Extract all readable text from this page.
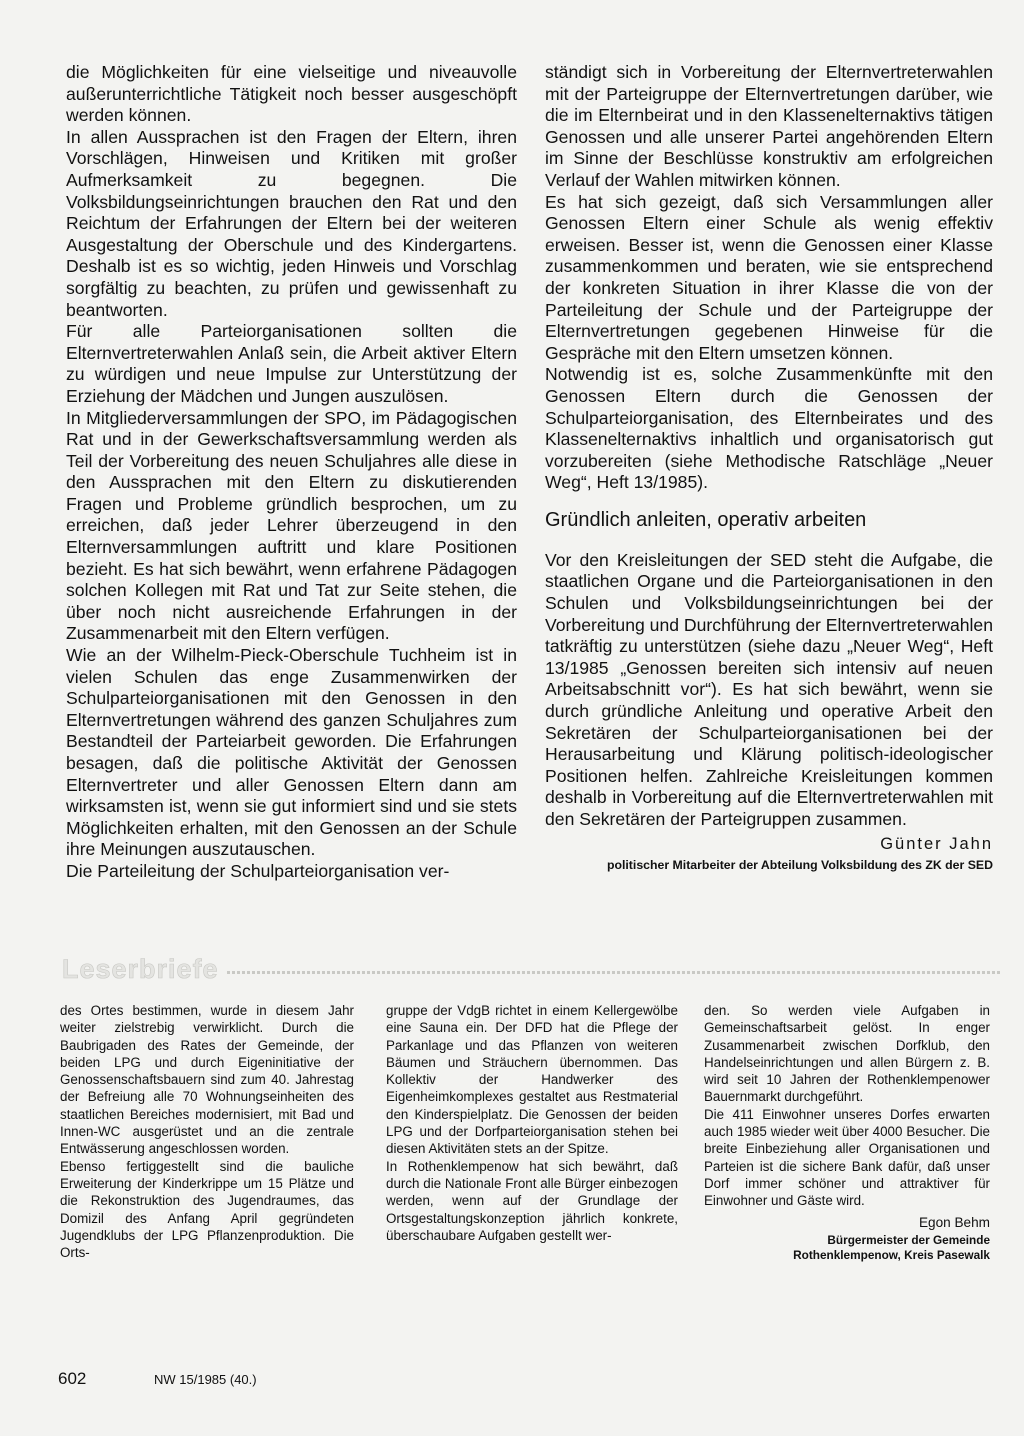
die Möglichkeiten für eine vielseitige und niveauvolle außerunterrichtliche Tätigkeit noch besser ausgeschöpft werden können.

In allen Aussprachen ist den Fragen der Eltern, ihren Vorschlägen, Hinweisen und Kritiken mit großer Aufmerksamkeit zu begegnen. Die Volksbildungseinrichtungen brauchen den Rat und den Reichtum der Erfahrungen der Eltern bei der weiteren Ausgestaltung der Oberschule und des Kindergartens. Deshalb ist es so wichtig, jeden Hinweis und Vorschlag sorgfältig zu beachten, zu prüfen und gewissenhaft zu beantworten.

Für alle Parteiorganisationen sollten die Elternvertreterwahlen Anlaß sein, die Arbeit aktiver Eltern zu würdigen und neue Impulse zur Unterstützung der Erziehung der Mädchen und Jungen auszulösen.

In Mitgliederversammlungen der SPO, im Pädagogischen Rat und in der Gewerkschaftsversammlung werden als Teil der Vorbereitung des neuen Schuljahres alle diese in den Aussprachen mit den Eltern zu diskutierenden Fragen und Probleme gründlich besprochen, um zu erreichen, daß jeder Lehrer überzeugend in den Elternversammlungen auftritt und klare Positionen bezieht. Es hat sich bewährt, wenn erfahrene Pädagogen solchen Kollegen mit Rat und Tat zur Seite stehen, die über noch nicht ausreichende Erfahrungen in der Zusammenarbeit mit den Eltern verfügen.

Wie an der Wilhelm-Pieck-Oberschule Tuchheim ist in vielen Schulen das enge Zusammenwirken der Schulparteiorganisationen mit den Genossen in den Elternvertretungen während des ganzen Schuljahres zum Bestandteil der Parteiarbeit geworden. Die Erfahrungen besagen, daß die politische Aktivität der Genossen Elternvertreter und aller Genossen Eltern dann am wirksamsten ist, wenn sie gut informiert sind und sie stets Möglichkeiten erhalten, mit den Genossen an der Schule ihre Meinungen auszutauschen.

Die Parteileitung der Schulparteiorganisation ver-

ständigt sich in Vorbereitung der Elternvertreterwahlen mit der Parteigruppe der Elternvertretungen darüber, wie die im Elternbeirat und in den Klassenelternaktivs tätigen Genossen und alle unserer Partei angehörenden Eltern im Sinne der Beschlüsse konstruktiv am erfolgreichen Verlauf der Wahlen mitwirken können.

Es hat sich gezeigt, daß sich Versammlungen aller Genossen Eltern einer Schule als wenig effektiv erweisen. Besser ist, wenn die Genossen einer Klasse zusammenkommen und beraten, wie sie entsprechend der konkreten Situation in ihrer Klasse die von der Parteileitung der Schule und der Parteigruppe der Elternvertretungen gegebenen Hinweise für die Gespräche mit den Eltern umsetzen können.

Notwendig ist es, solche Zusammenkünfte mit den Genossen Eltern durch die Genossen der Schulparteiorganisation, des Elternbeirates und des Klassenelternaktivs inhaltlich und organisatorisch gut vorzubereiten (siehe Methodische Ratschläge „Neuer Weg“, Heft 13/1985).

Gründlich anleiten, operativ arbeiten

Vor den Kreisleitungen der SED steht die Aufgabe, die staatlichen Organe und die Parteiorganisationen in den Schulen und Volksbildungseinrichtungen bei der Vorbereitung und Durchführung der Elternvertreterwahlen tatkräftig zu unterstützen (siehe dazu „Neuer Weg“, Heft 13/1985 „Genossen bereiten sich intensiv auf neuen Arbeitsabschnitt vor“). Es hat sich bewährt, wenn sie durch gründliche Anleitung und operative Arbeit den Sekretären der Schulparteiorganisationen bei der Herausarbeitung und Klärung politisch-ideologischer Positionen helfen. Zahlreiche Kreisleitungen kommen deshalb in Vorbereitung auf die Elternvertreterwahlen mit den Sekretären der Parteigruppen zusammen.

Günter Jahn
politischer Mitarbeiter der Abteilung Volksbildung des ZK der SED
Leserbriefe

des Ortes bestimmen, wurde in diesem Jahr weiter zielstrebig verwirklicht. Durch die Baubrigaden des Rates der Gemeinde, der beiden LPG und durch Eigeninitiative der Genossenschaftsbauern sind zum 40. Jahrestag der Befreiung alle 70 Wohnungseinheiten des staatlichen Bereiches modernisiert, mit Bad und Innen-WC ausgerüstet und an die zentrale Entwässerung angeschlossen worden.

Ebenso fertiggestellt sind die bauliche Erweiterung der Kinderkrippe um 15 Plätze und die Rekonstruktion des Jugendraumes, das Domizil des Anfang April gegründeten Jugendklubs der LPG Pflanzenproduktion. Die Orts-

gruppe der VdgB richtet in einem Kellergewölbe eine Sauna ein. Der DFD hat die Pflege der Parkanlage und das Pflanzen von weiteren Bäumen und Sträuchern übernommen. Das Kollektiv der Handwerker des Eigenheimkomplexes gestaltet aus Restmaterial den Kinderspielplatz. Die Genossen der beiden LPG und der Dorfparteiorganisation stehen bei diesen Aktivitäten stets an der Spitze.

In Rothenklempenow hat sich bewährt, daß durch die Nationale Front alle Bürger einbezogen werden, wenn auf der Grundlage der Ortsgestaltungskonzeption jährlich konkrete, überschaubare Aufgaben gestellt wer-

den. So werden viele Aufgaben in Gemeinschaftsarbeit gelöst. In enger Zusammenarbeit zwischen Dorfklub, den Handelseinrichtungen und allen Bürgern z. B. wird seit 10 Jahren der Rothenklempenower Bauernmarkt durchgeführt.

Die 411 Einwohner unseres Dorfes erwarten auch 1985 wieder weit über 4000 Besucher. Die breite Einbeziehung aller Organisationen und Parteien ist die sichere Bank dafür, daß unser Dorf immer schöner und attraktiver für Einwohner und Gäste wird.

Egon Behm
Bürgermeister der Gemeinde
Rothenklempenow, Kreis Pasewalk
602	NW 15/1985 (40.)
